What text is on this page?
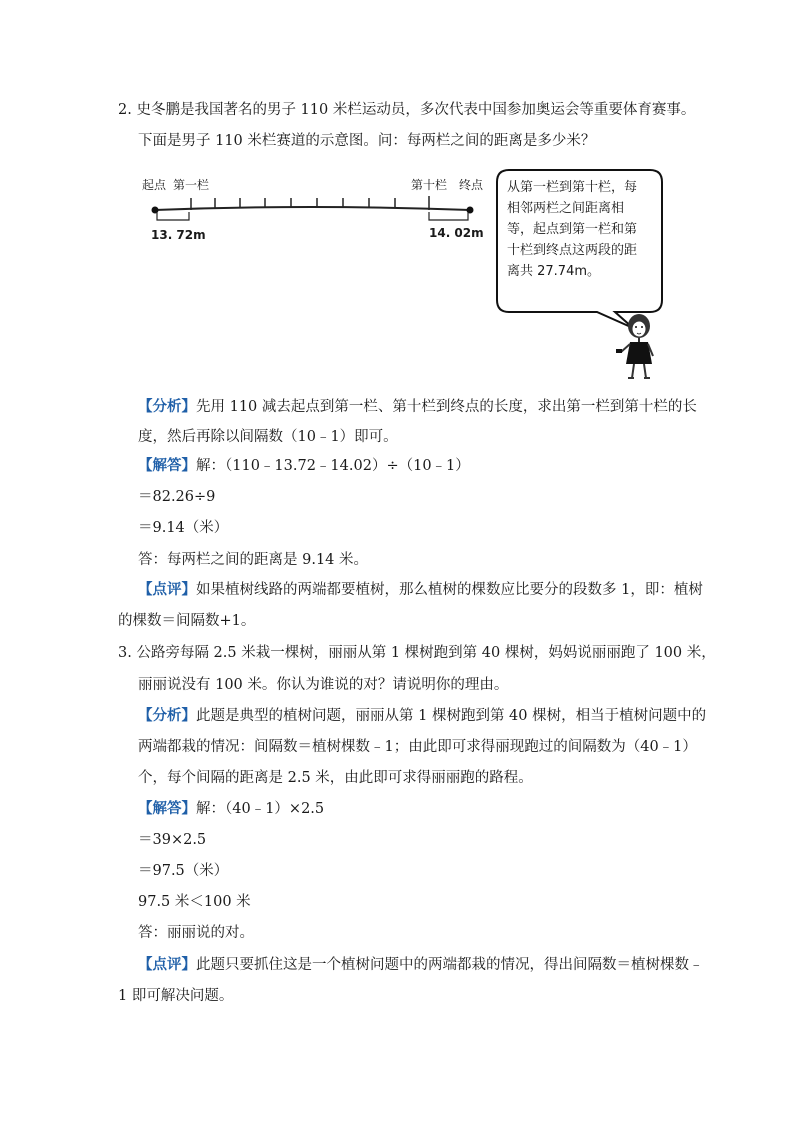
2. 史冬鹏是我国著名的男子 110 米栏运动员，多次代表中国参加奥运会等重要体育赛事。
下面是男子 110 米栏赛道的示意图。问：每两栏之间的距离是多少米？
起点 第一栏	第十栏 终点
13. 72m	14. 02m
从第一栏到第十栏，每相邻两栏之间距离相等，起点到第一栏和第十栏到终点这两段的距离共 27.74m。
【分析】先用 110 减去起点到第一栏、第十栏到终点的长度，求出第一栏到第十栏的长
度，然后再除以间隔数（10﹣1）即可。
【解答】解：（110﹣13.72﹣14.02）÷（10﹣1）
＝82.26÷9
＝9.14（米）
答：每两栏之间的距离是 9.14 米。
【点评】如果植树线路的两端都要植树，那么植树的棵数应比要分的段数多 1，即：植树
的棵数＝间隔数+1。
3. 公路旁每隔 2.5 米栽一棵树，丽丽从第 1 棵树跑到第 40 棵树，妈妈说丽丽跑了 100 米，
丽丽说没有 100 米。你认为谁说的对？请说明你的理由。
【分析】此题是典型的植树问题，丽丽从第 1 棵树跑到第 40 棵树，相当于植树问题中的
两端都栽的情况：间隔数＝植树棵数﹣1；由此即可求得丽现跑过的间隔数为（40﹣1）
个，每个间隔的距离是 2.5 米，由此即可求得丽丽跑的路程。
【解答】解：（40﹣1）×2.5
＝39×2.5
＝97.5（米）
97.5 米＜100 米
答：丽丽说的对。
【点评】此题只要抓住这是一个植树问题中的两端都栽的情况，得出间隔数＝植树棵数﹣
1 即可解决问题。
